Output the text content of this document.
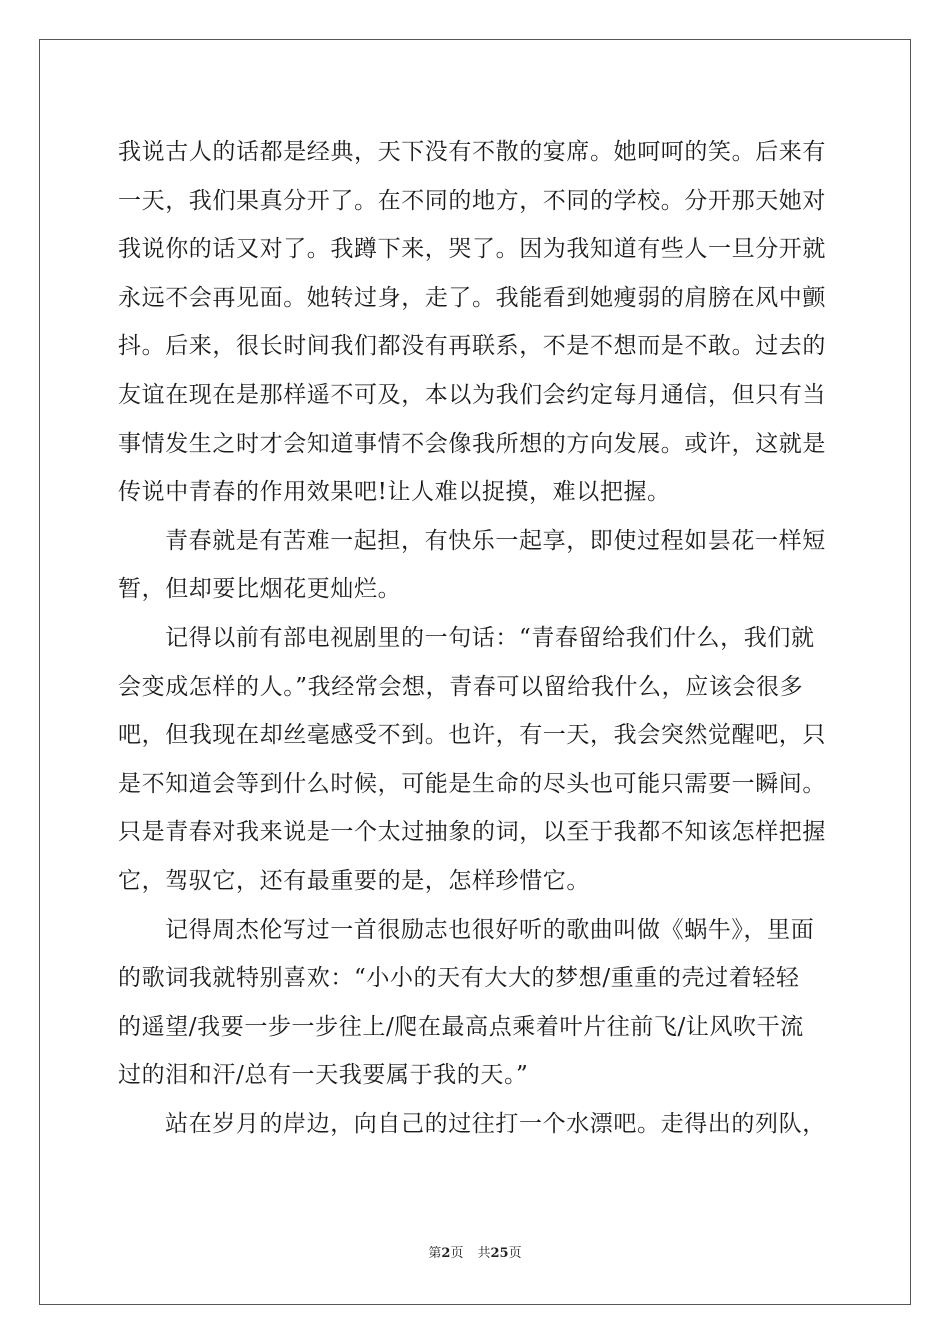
我说古人的话都是经典，天下没有不散的宴席。她呵呵的笑。后来有
一天，我们果真分开了。在不同的地方，不同的学校。分开那天她对
我说你的话又对了。我蹲下来，哭了。因为我知道有些人一旦分开就
永远不会再见面。她转过身，走了。我能看到她瘦弱的肩膀在风中颤
抖。后来，很长时间我们都没有再联系，不是不想而是不敢。过去的
友谊在现在是那样遥不可及，本以为我们会约定每月通信，但只有当
事情发生之时才会知道事情不会像我所想的方向发展。或许，这就是
传说中青春的作用效果吧!让人难以捉摸，难以把握。
青春就是有苦难一起担，有快乐一起享，即使过程如昙花一样短
暂，但却要比烟花更灿烂。
记得以前有部电视剧里的一句话：“青春留给我们什么，我们就
会变成怎样的人。”我经常会想，青春可以留给我什么，应该会很多
吧，但我现在却丝毫感受不到。也许，有一天，我会突然觉醒吧，只
是不知道会等到什么时候，可能是生命的尽头也可能只需要一瞬间。
只是青春对我来说是一个太过抽象的词，以至于我都不知该怎样把握
它，驾驭它，还有最重要的是，怎样珍惜它。
记得周杰伦写过一首很励志也很好听的歌曲叫做《蜗牛》，里面
的歌词我就特别喜欢：“小小的天有大大的梦想/重重的壳过着轻轻
的遥望/我要一步一步往上/爬在最高点乘着叶片往前飞/让风吹干流
过的泪和汗/总有一天我要属于我的天。”
站在岁月的岸边，向自己的过往打一个水漂吧。走得出的列队，
第2页 共25页
